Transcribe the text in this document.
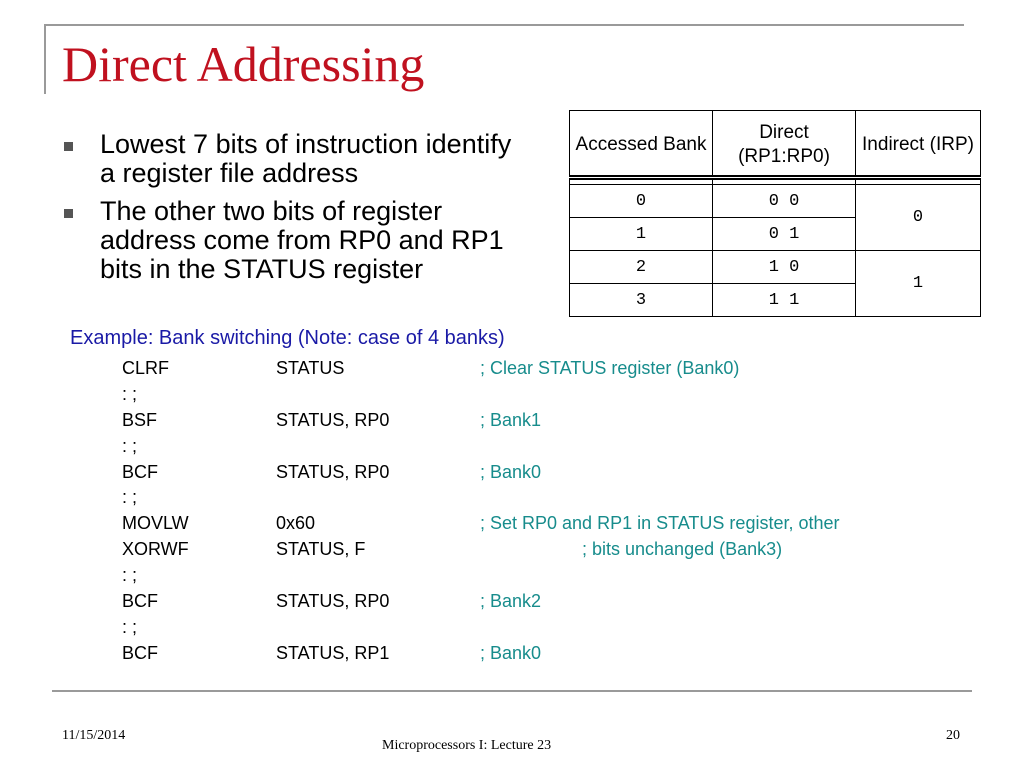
Direct Addressing
Lowest 7 bits of instruction identify a register file address
The other two bits of register address come from RP0 and RP1 bits in the STATUS register
Accessed Bank	Direct (RP1:RP0)	Indirect (IRP)

0	0 0	0
1	0 1	
2	1 0	1
3	1 1	
Example: Bank switching (Note: case of 4 banks)
CLRF	STATUS	; Clear STATUS register (Bank0)
: ;
BSF	STATUS, RP0	; Bank1
: ;
BCF	STATUS, RP0	; Bank0
: ;
MOVLW	0x60	; Set RP0 and RP1 in STATUS register, other
XORWF	STATUS, F	; bits unchanged (Bank3)
: ;
BCF	STATUS, RP0	; Bank2
: ;
BCF	STATUS, RP1	; Bank0
11/15/2014
Microprocessors I: Lecture 23
20
